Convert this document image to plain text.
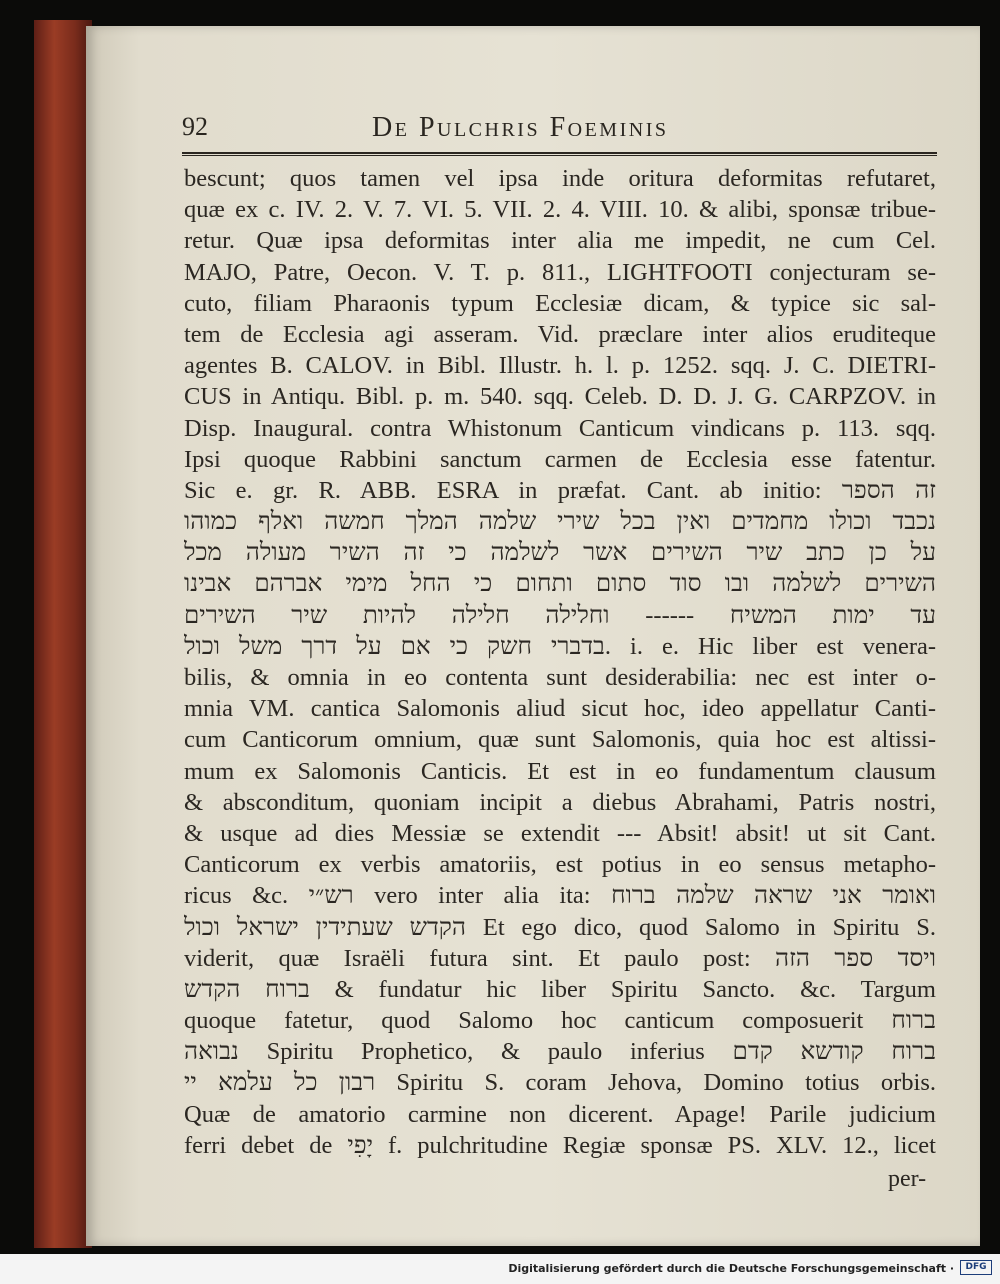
92	De Pulchris Foeminis
bescunt; quos tamen vel ipsa inde oritura deformitas refutaret,
quæ ex c. IV. 2. V. 7. VI. 5. VII. 2. 4. VIII. 10. & alibi, sponsæ tribue-
retur. Quæ ipsa deformitas inter alia me impedit, ne cum Cel.
MAJO, Patre, Oecon. V. T. p. 811., LIGHTFOOTI conjecturam se-
cuto, filiam Pharaonis typum Ecclesiæ dicam, & typice sic sal-
tem de Ecclesia agi asseram. Vid. præclare inter alios eruditeque
agentes B. CALOV. in Bibl. Illustr. h. l. p. 1252. sqq. J. C. DIETRI-
CUS in Antiqu. Bibl. p. m. 540. sqq. Celeb. D. D. J. G. CARPZOV. in
Disp. Inaugural. contra Whistonum Canticum vindicans p. 113. sqq.
Ipsi quoque Rabbini sanctum carmen de Ecclesia esse fatentur.
Sic e. gr. R. ABB. ESRA in præfat. Cant. ab initio: זה הספר
נכבד וכולו מחמדים ואין בכל שירי שלמה המלך חמשה ואלף כמוהו
על כן כתב שיר השירים אשר לשלמה כי זה השיר מעולה מכל
השירים לשלמה ובו סוד סתום ותחום כי החל מימי אברהם אבינו
עד ימות המשיח ------ וחלילה חלילה להיות שיר השירים
בדברי חשק כי אם על דרך משל וכול. i. e. Hic liber est venera-
bilis, & omnia in eo contenta sunt desiderabilia: nec est inter o-
mnia VM. cantica Salomonis aliud sicut hoc, ideo appellatur Canti-
cum Canticorum omnium, quæ sunt Salomonis, quia hoc est altissi-
mum ex Salomonis Canticis. Et est in eo fundamentum clausum
& absconditum, quoniam incipit a diebus Abrahami, Patris nostri,
& usque ad dies Messiæ se extendit --- Absit! absit! ut sit Cant.
Canticorum ex verbis amatoriis, est potius in eo sensus metapho-
ricus &c. רש״י vero inter alia ita: ואומר אני שראה שלמה ברוח
הקדש שעתידין ישראל וכול Et ego dico, quod Salomo in Spiritu S.
viderit, quæ Israëli futura sint. Et paulo post: ויסד ספר הזה
ברוח הקדש & fundatur hic liber Spiritu Sancto. &c. Targum
quoque fatetur, quod Salomo hoc canticum composuerit ברוח
נבואה Spiritu Prophetico, & paulo inferius ברוח קודשא קדם
רבון כל עלמא יי Spiritu S. coram Jehova, Domino totius orbis.
Quæ de amatorio carmine non dicerent. Apage! Parile judicium
ferri debet de יָפִי f. pulchritudine Regiæ sponsæ PS. XLV. 12., licet
per-
Digitalisierung gefördert durch die Deutsche Forschungsgemeinschaft ·	DFG
